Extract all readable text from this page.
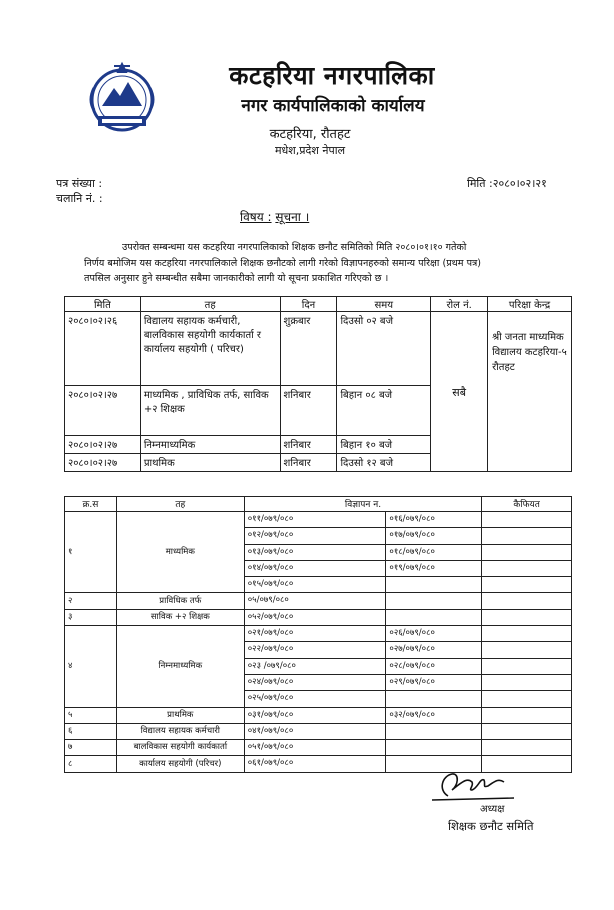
कटहरिया नगरपालिका
नगर कार्यपालिकाको कार्यालय
कटहरिया, रौतहट
मधेश,प्रदेश नेपाल
पत्र संख्या :
चलानि नं. :
मिति :२०८०।०२।२१
विषय : सूचना ।
उपरोक्त सम्बन्धमा यस कटहरिया नगरपालिकाको शिक्षक छनौट समितिको मिति २०८०।०१।१० गतेको
निर्णय बमोजिम यस कटहरिया नगरपालिकाले शिक्षक छनौटको लागी गरेको विज्ञापनहरुको समान्य परिक्षा (प्रथम पत्र)
तपसिल अनुसार हुने सम्बन्धीत सबैमा जानकारीको लागी यो सूचना प्रकाशित गरिएको छ ।
मिति	तह	दिन	समय	रोल नं.	परिक्षा केन्द्र
२०८०।०२।२६	विद्यालय सहायक कर्मचारी, बालविकास सहयोगी कार्यकार्ता र कार्यालय सहयोगी ( परिचर)	शुक्रबार	दिउसो ०२ बजे	सबै	श्री जनता माध्यमिक विद्यालय कटहरिया-५ रौतहट
२०८०।०२।२७	माध्यमिक , प्राविधिक तर्फ, साविक +२ शिक्षक	शनिबार	बिहान ०८ बजे		
२०८०।०२।२७	निम्नमाध्यमिक	शनिबार	बिहान १० बजे		
२०८०।०२।२७	प्राथमिक	शनिबार	दिउसो १२ बजे		
क्र.स	तह	विज्ञापन न.		कैफियत
१	माध्यमिक	०११/०७९/०८०	०१६/०७९/०८०	
		०१२/०७९/०८०	०१७/०७९/०८०	
		०१३/०७९/०८०	०१८/०७९/०८०	
		०१४/०७९/०८०	०१९/०७९/०८०	
		०१५/०७९/०८०		
२	प्राविधिक तर्फ	०५/०७९/०८०		
३	साविक +२ शिक्षक	०५२/०७९/०८०		
४	निम्नमाध्यमिक	०२१/०७९/०८०	०२६/०७९/०८०	
		०२२/०७९/०८०	०२७/०७९/०८०	
		०२३ /०७९/०८०	०२८/०७९/०८०	
		०२४/०७९/०८०	०२९/०७९/०८०	
		०२५/०७९/०८०		
५	प्राथमिक	०३१/०७९/०८०	०३२/०७९/०८०	
६	विद्यालय सहायक कर्मचारी	०४१/०७९/०८०		
७	बालविकास सहयोगी कार्यकार्ता	०५१/०७९/०८०		
८	कार्यालय सहयोगी (परिचर)	०६१/०७९/०८०		
अध्यक्ष
शिक्षक छनौट समिति
